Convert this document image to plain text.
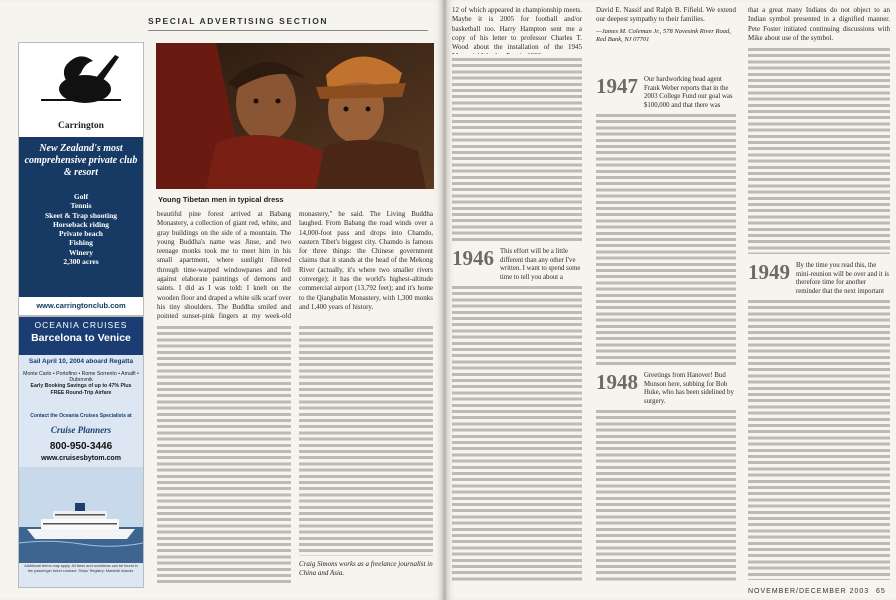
SPECIAL ADVERTISING SECTION
Carrington
New Zealand's most comprehensive private club & resort
Golf
Tennis
Skeet & Trap shooting
Horseback riding
Private beach
Fishing
Winery
2,300 acres
www.carringtonclub.com
OCEANIA CRUISES
Barcelona to Venice
Sail April 10, 2004 aboard Regatta
Monte Carlo • Portofino • Rome Sorrento • Amalfi • Dubrovnik
Early Booking Savings of up to 47% Plus FREE Round-Trip Airfare
Contact the Oceania Cruises Specialists at
Cruise Planners
800-950-3446
www.cruisesbytom.com
Additional terms may apply. All fares and conditions can be found in the passenger ticket contract. Ships' Registry: Marshall Islands.
Young Tibetan men in typical dress

beautiful pine forest arrived at Babang Monastery, a collection of giant red, white, and gray buildings on the side of a mountain. The young Buddha's name was Jinse, and two teenage monks took me to meet him in his small apartment, where sunlight filtered through time-warped windowpanes and fell against elaborate paintings of demons and saints. I did as I was told: I knelt on the wooden floor and draped a white silk scarf over his tiny shoulders. The Buddha smiled and pointed sunset-pink fingers at my week-old

monastery," he said. The Living Buddha laughed. From Babang the road winds over a 14,000-foot pass and drops into Chamdo, eastern Tibet's biggest city. Chamdo is famous for three things: the Chinese government claims that it stands at the head of the Mekong River (actually, it's where two smaller rivers converge); it has the world's highest-altitude commercial airport (13,792 feet); and it's home to the Qiangbalin Monastery, with 1,300 monks and 1,400 years of history.

Craig Simons works as a freelance journalist in China and Asia.

12 of which appeared in championship meets. Maybe it is 2005 for football and/or basketball too. Harry Hampton sent me a copy of his letter to professor Charles T. Wood about the installation of the 1945

1946 This effort will be a little different than any other I've written. I want to spend some time to tell you about a

David E. Nassif and Ralph B. Fifield. We extend our deepest sympathy to their families.

—James M. Coleman Jr., 578 Navesink River Road, Red Bank, NJ 07701
1947 Our hardworking head agent Frank Weber reports that in the 2003 College Fund our goal was $100,000 and that there was
1948 Greetings from Hanover! Bud Munson here, subbing for Bob Huke, who has been sidelined by surgery.

that a great many Indians do not object to an Indian symbol presented in a dignified manner. Pete Foster initiated continuing discussions with Mike about use of the symbol.

1949 By the time you read this, the mini-reunion will be over and it is therefore time for another reminder that the next important
NOVEMBER/DECEMBER 2003 65
